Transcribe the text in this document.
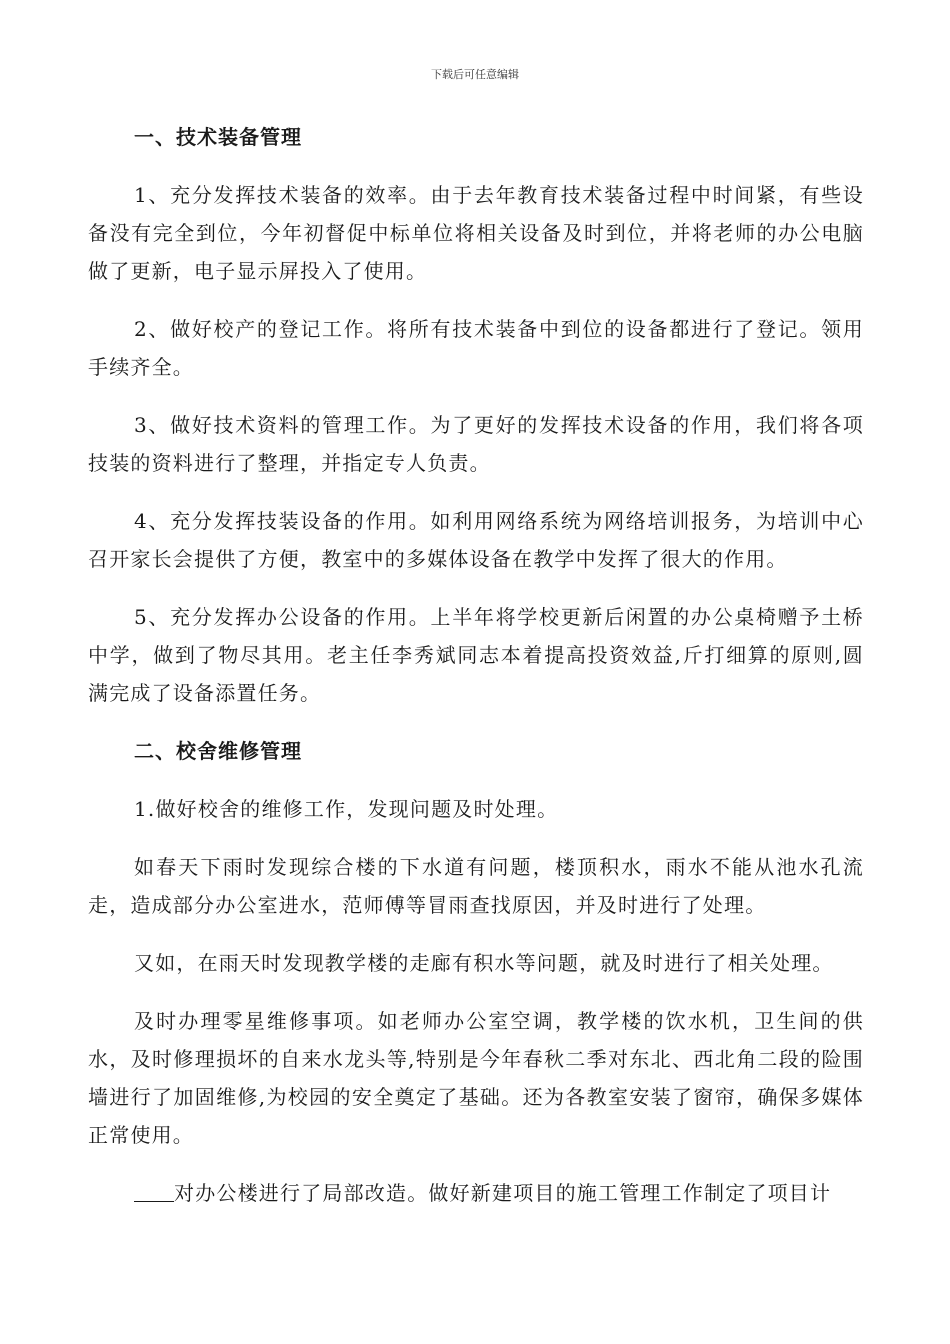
下载后可任意编辑
一、技术装备管理

1、充分发挥技术装备的效率。由于去年教育技术装备过程中时间紧，有些设备没有完全到位，今年初督促中标单位将相关设备及时到位，并将老师的办公电脑做了更新，电子显示屏投入了使用。

2、做好校产的登记工作。将所有技术装备中到位的设备都进行了登记。领用手续齐全。

3、做好技术资料的管理工作。为了更好的发挥技术设备的作用，我们将各项技装的资料进行了整理，并指定专人负责。

4、充分发挥技装设备的作用。如利用网络系统为网络培训报务，为培训中心召开家长会提供了方便，教室中的多媒体设备在教学中发挥了很大的作用。

5、充分发挥办公设备的作用。上半年将学校更新后闲置的办公桌椅赠予土桥中学，做到了物尽其用。老主任李秀斌同志本着提高投资效益,斤打细算的原则,圆满完成了设备添置任务。

二、校舍维修管理

1.做好校舍的维修工作，发现问题及时处理。

如春天下雨时发现综合楼的下水道有问题，楼顶积水，雨水不能从池水孔流走，造成部分办公室进水，范师傅等冒雨查找原因，并及时进行了处理。

又如，在雨天时发现教学楼的走廊有积水等问题，就及时进行了相关处理。

及时办理零星维修事项。如老师办公室空调，教学楼的饮水机，卫生间的供水，及时修理损坏的自来水龙头等,特别是今年春秋二季对东北、西北角二段的险围墙进行了加固维修,为校园的安全奠定了基础。还为各教室安装了窗帘，确保多媒体正常使用。

对办公楼进行了局部改造。做好新建项目的施工管理工作制定了项目计
